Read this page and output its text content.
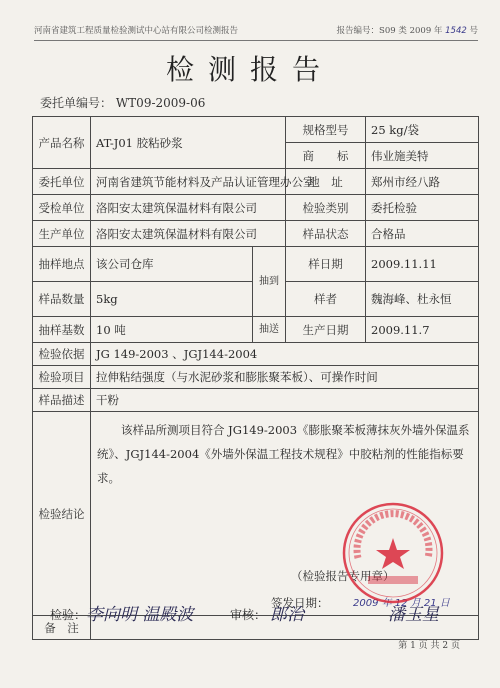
河南省建筑工程质量检验测试中心站有限公司检测报告	报告编号：S09 类 2009 年 1542 号
检测报告
委托单编号： WT09-2009-06
产品名称	AT-J01 胶粘砂浆		规格型号	25 kg/袋
			商　　标	伟业施美特
委托单位	河南省建筑节能材料及产品认证管理办公室		地　址	郑州市经八路
受检单位	洛阳安太建筑保温材料有限公司		检验类别	委托检验
生产单位	洛阳安太建筑保温材料有限公司		样品状态	合格品
抽样地点	该公司仓库	抽到	样日期	2009.11.11
样品数量	5kg		样者	魏海峰、杜永恒
抽样基数	10 吨	抽送	生产日期	2009.11.7
检验依据	JG 149-2003 、JGJ144-2004			
检验项目	拉伸粘结强度（与水泥砂浆和膨胀聚苯板）、可操作时间			
样品描述	干粉			
检验结论	该样品所测项目符合 JG149-2003《膨胀聚苯板薄抹灰外墙外保温系统》、JGJ144-2004《外墙外保温工程技术规程》中胶粘剂的性能指标要求。

（检验报告专用章）
签发日期： 2009 年 12 月 21 日			

备　注				
检验： 李向明 温殿波	审核： 郎治	潘玉星
第 1 页 共 2 页
